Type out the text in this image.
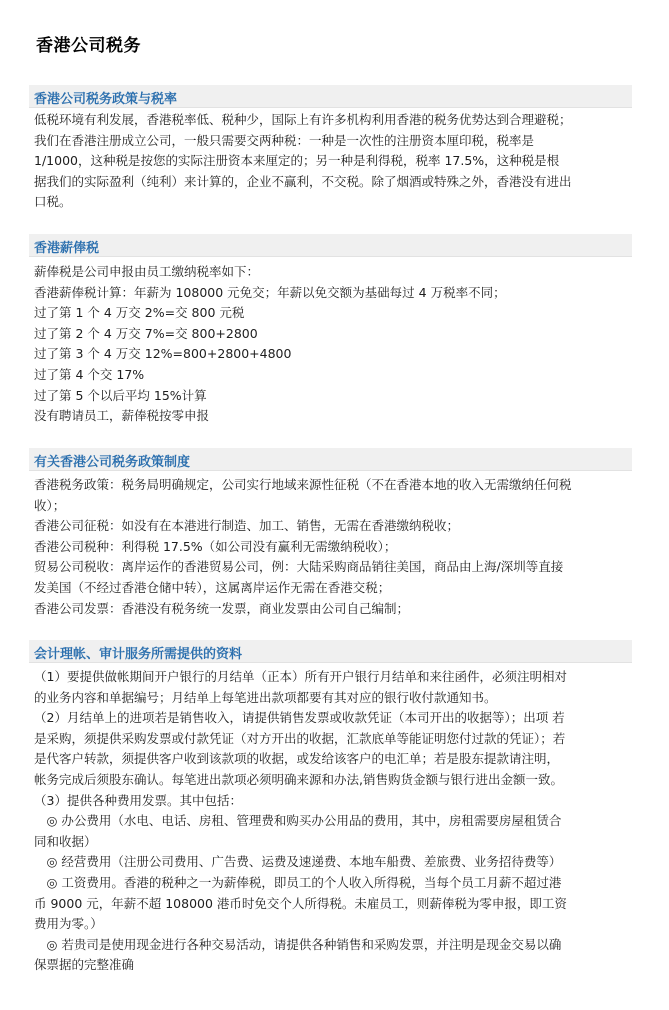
香港公司税务
香港公司税务政策与税率

低税环境有利发展，香港税率低、税种少，国际上有许多机构利用香港的税务优势达到合理避税；

我们在香港注册成立公司，一般只需要交两种税：一种是一次性的注册资本厘印税，税率是

1/1000，这种税是按您的实际注册资本来厘定的；另一种是利得税，税率 17.5%，这种税是根

据我们的实际盈利（纯利）来计算的，企业不赢利，不交税。除了烟酒或特殊之外，香港没有进出

口税。

香港薪俸税

薪俸税是公司申报由员工缴纳税率如下：

香港薪俸税计算：年薪为 108000 元免交；年薪以免交额为基础每过 4 万税率不同；

过了第 1 个 4 万交 2%=交 800 元税

过了第 2 个 4 万交 7%=交 800+2800

过了第 3 个 4 万交 12%=800+2800+4800

过了第 4 个交 17%

过了第 5 个以后平均 15%计算

没有聘请员工，薪俸税按零申报

有关香港公司税务政策制度

香港税务政策：税务局明确规定，公司实行地域来源性征税（不在香港本地的收入无需缴纳任何税

收）；

香港公司征税：如没有在本港进行制造、加工、销售，无需在香港缴纳税收；

香港公司税种：利得税 17.5%（如公司没有赢利无需缴纳税收）；

贸易公司税收：离岸运作的香港贸易公司，例：大陆采购商品销往美国，商品由上海/深圳等直接

发美国（不经过香港仓储中转），这属离岸运作无需在香港交税；

香港公司发票：香港没有税务统一发票，商业发票由公司自己编制；

会计理帐、审计服务所需提供的资料

（1）要提供做帐期间开户银行的月结单（正本）所有开户银行月结单和来往函件，必须注明相对

的业务内容和单据编号；月结单上每笔进出款项都要有其对应的银行收付款通知书。

（2）月结单上的进项若是销售收入，请提供销售发票或收款凭证（本司开出的收据等）；出项 若

是采购，须提供采购发票或付款凭证（对方开出的收据，汇款底单等能证明您付过款的凭证）；若

是代客户转款，须提供客户收到该款项的收据，或发给该客户的电汇单；若是股东提款请注明，

帐务完成后须股东确认。每笔进出款项必须明确来源和办法,销售购货金额与银行进出金额一致。

（3）提供各种费用发票。其中包括：

　◎ 办公费用（水电、电话、房租、管理费和购买办公用品的费用，其中，房租需要房屋租赁合

同和收据）

　◎ 经营费用（注册公司费用、广告费、运费及速递费、本地车船费、差旅费、业务招待费等）

　◎ 工资费用。香港的税种之一为薪俸税，即员工的个人收入所得税，当每个员工月薪不超过港

币 9000 元，年薪不超 108000 港币时免交个人所得税。未雇员工，则薪俸税为零申报，即工资

费用为零。）

　◎ 若贵司是使用现金进行各种交易活动，请提供各种销售和采购发票，并注明是现金交易以确

保票据的完整准确
